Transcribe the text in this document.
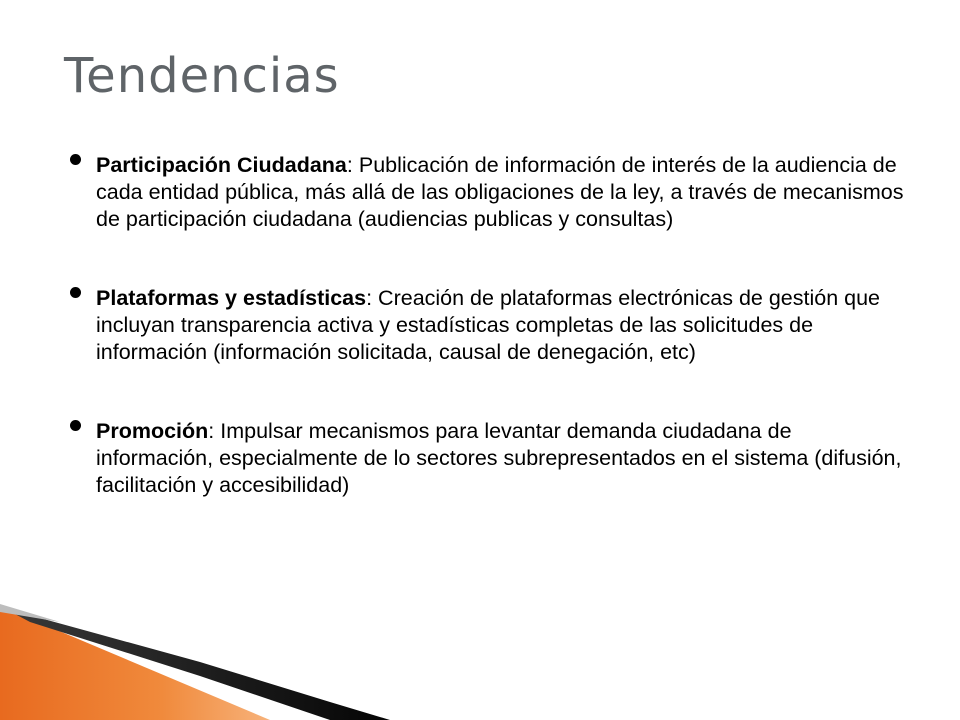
Tendencias
Participación Ciudadana: Publicación de información de interés de la audiencia de cada entidad pública, más allá de las obligaciones de la ley, a través de mecanismos de participación ciudadana (audiencias publicas y consultas)
Plataformas y estadísticas: Creación de plataformas electrónicas de gestión que incluyan transparencia activa y estadísticas completas de las solicitudes de información (información solicitada, causal de denegación, etc)
Promoción: Impulsar mecanismos para levantar demanda ciudadana de información, especialmente de lo sectores subrepresentados en el sistema (difusión, facilitación y accesibilidad)
